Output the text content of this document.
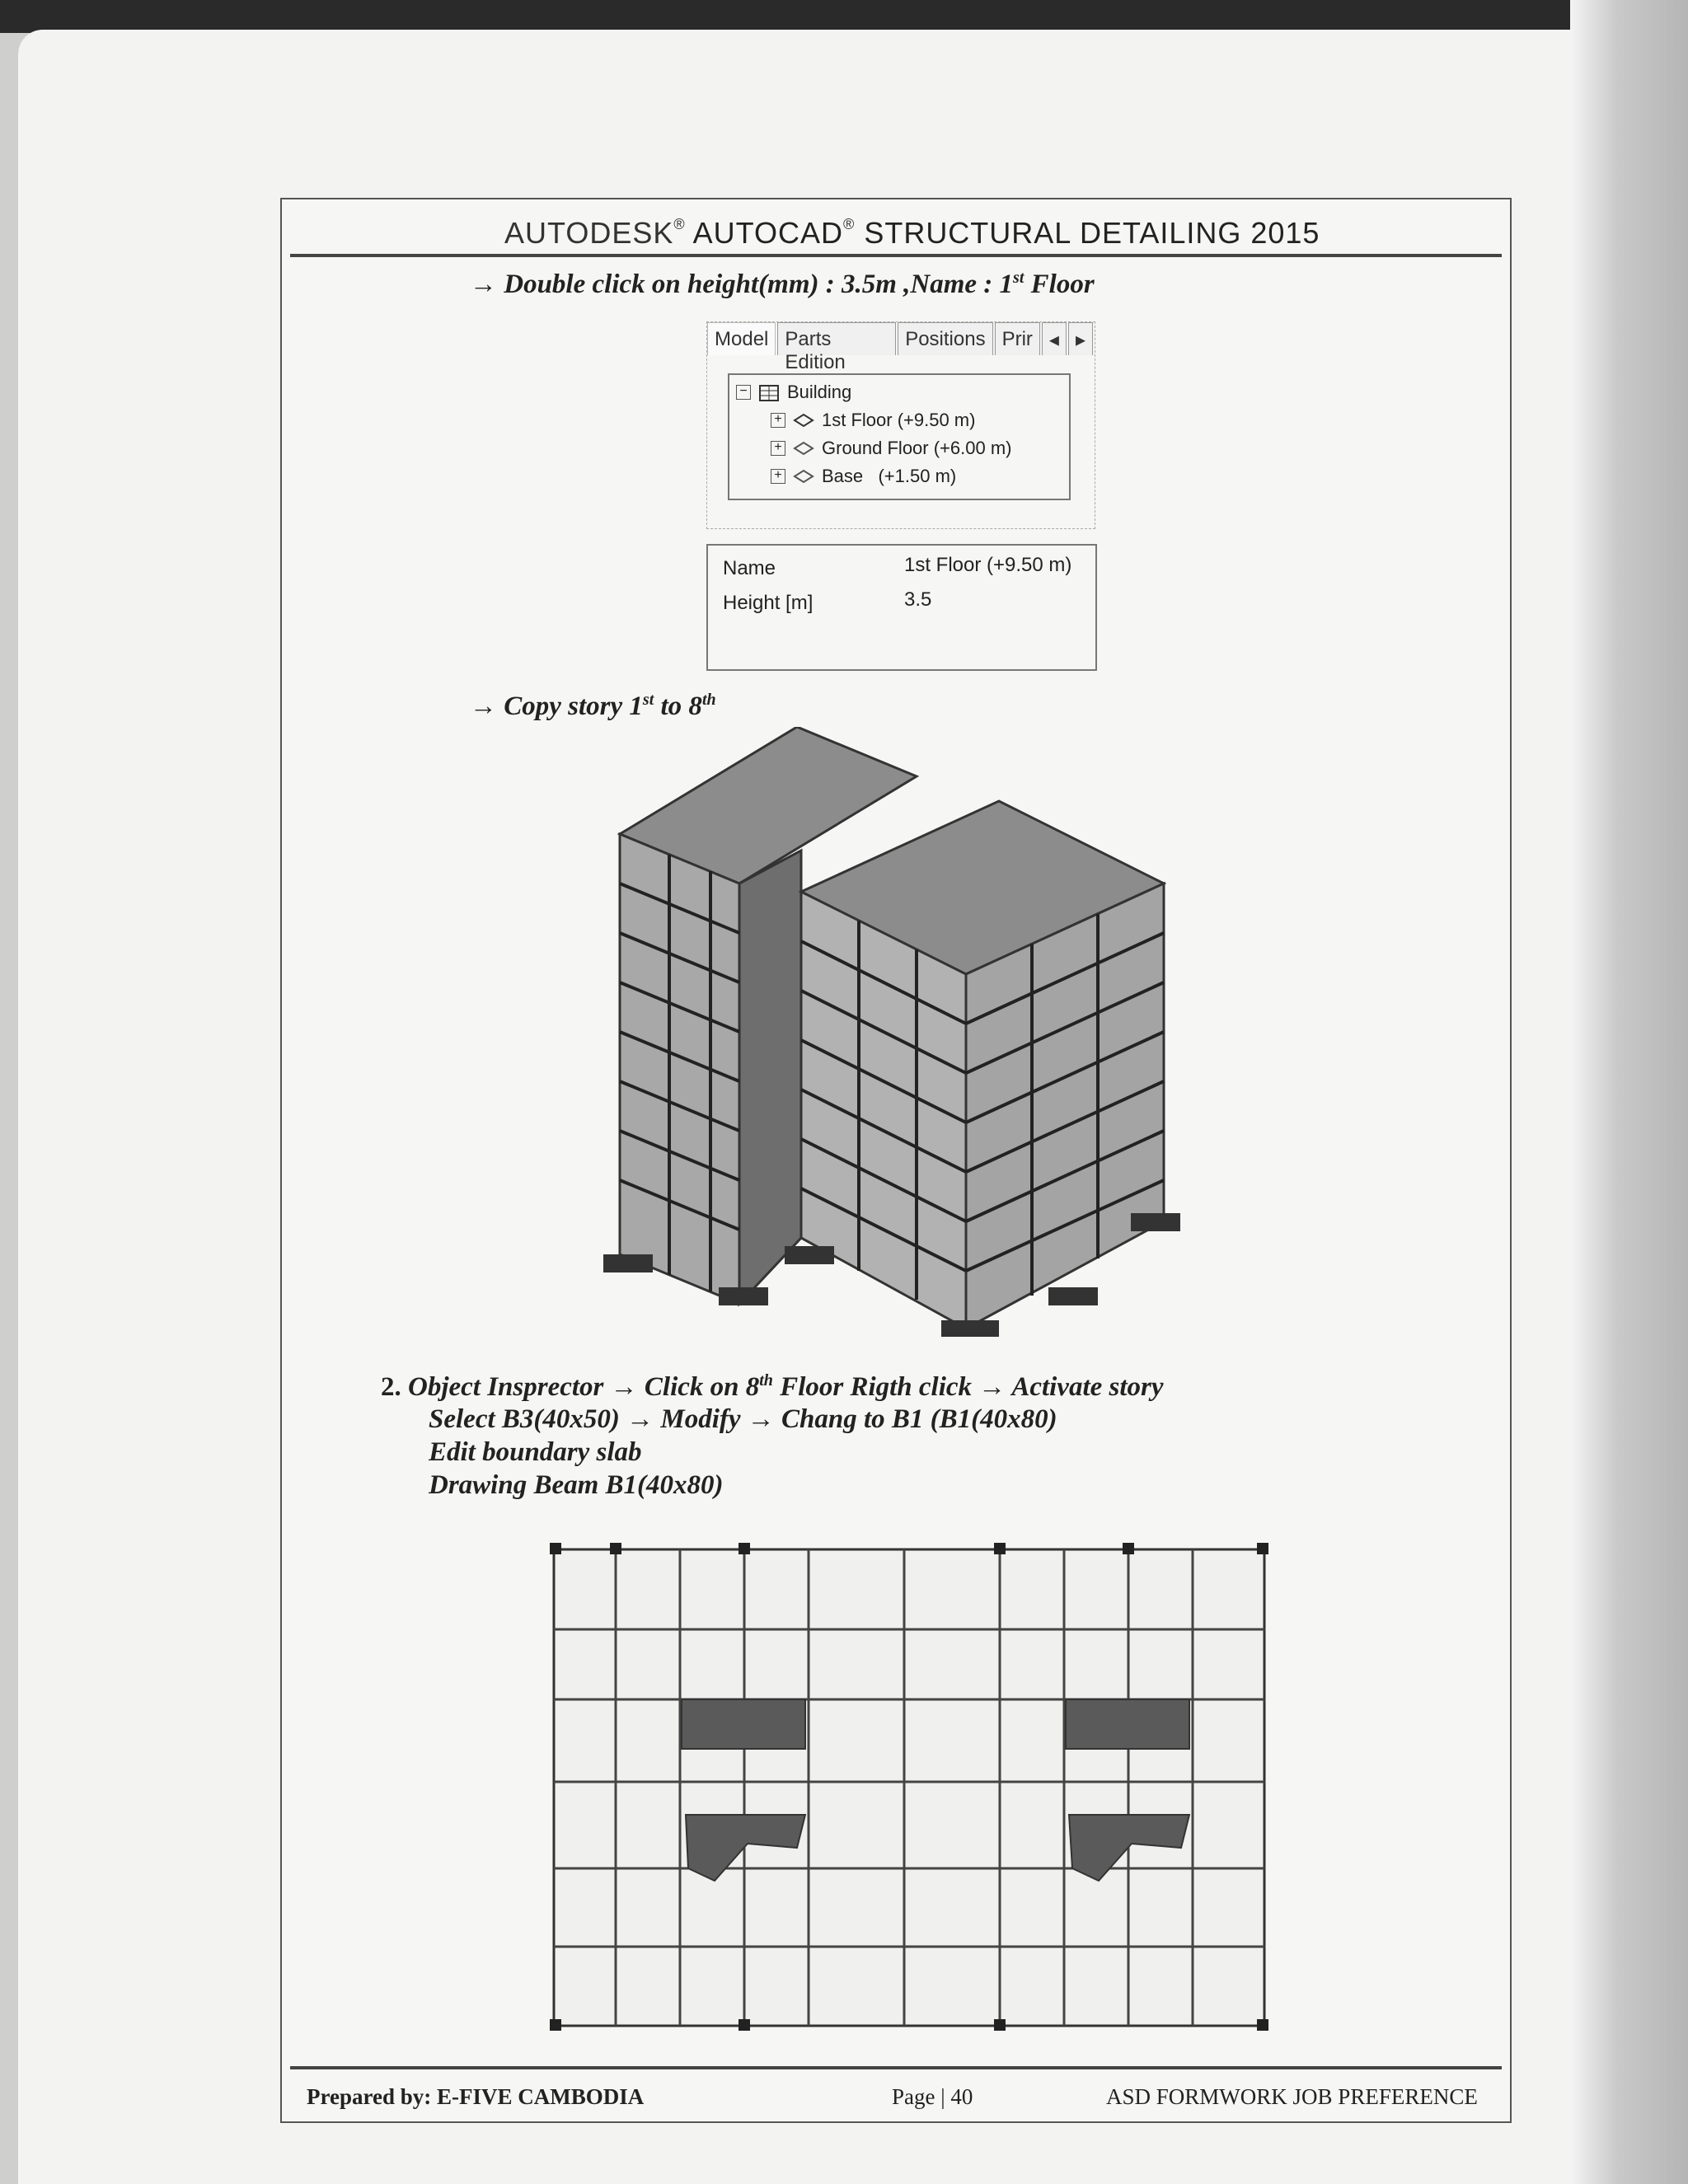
AUTODESK® AUTOCAD® STRUCTURAL DETAILING 2015
→ Double click on height(mm) : 3.5m ,Name : 1st Floor
Model Parts Edition
Positions Prir ◂ ▸
− Building
+ 1st Floor (+9.50 m)
+ Ground Floor (+6.00 m)
+ Base   (+1.50 m)
Name	1st Floor (+9.50 m)
Height [m]	3.5
→ Copy story 1st to 8th
2. Object Insprector → Click on 8th Floor Rigth click → Activate story
Select B3(40x50) → Modify → Chang to B1 (B1(40x80)
Edit boundary slab
Drawing Beam B1(40x80)
Prepared by: E-FIVE CAMBODIA	Page | 40	ASD FORMWORK JOB PREFERENCE
